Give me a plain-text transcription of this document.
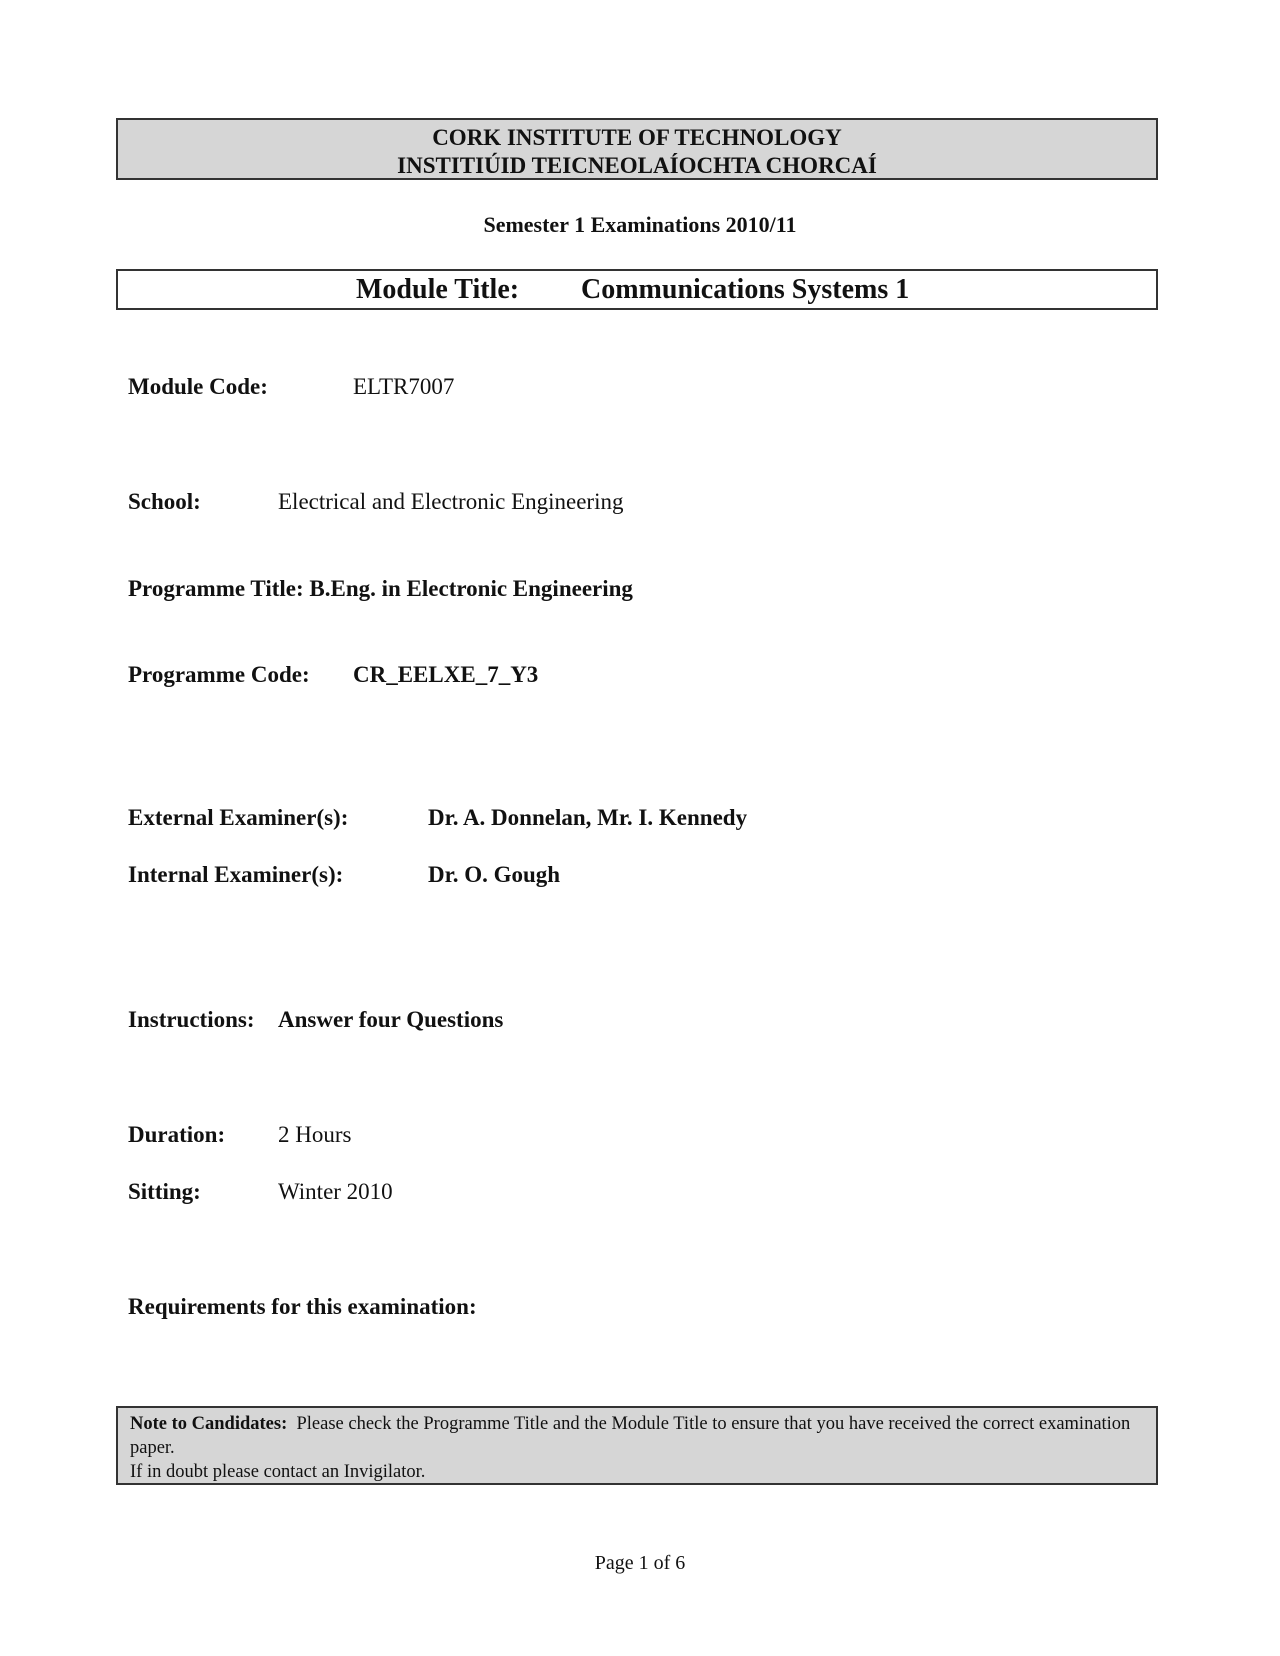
CORK INSTITUTE OF TECHNOLOGY
INSTITIÚID TEICNEOLAÍOCHTA CHORCAÍ
Semester 1 Examinations 2010/11
Module Title: Communications Systems 1
Module Code:	ELTR7007
School:	Electrical and Electronic Engineering
Programme Title: B.Eng. in Electronic Engineering
Programme Code: CR_EELXE_7_Y3
External Examiner(s):	Dr. A. Donnelan, Mr. I. Kennedy
Internal Examiner(s):	Dr. O. Gough
Instructions: Answer four Questions
Duration: 2 Hours
Sitting:	Winter 2010
Requirements for this examination:
Note to Candidates: Please check the Programme Title and the Module Title to ensure that you have received the correct examination paper.
If in doubt please contact an Invigilator.
Page 1 of 6
